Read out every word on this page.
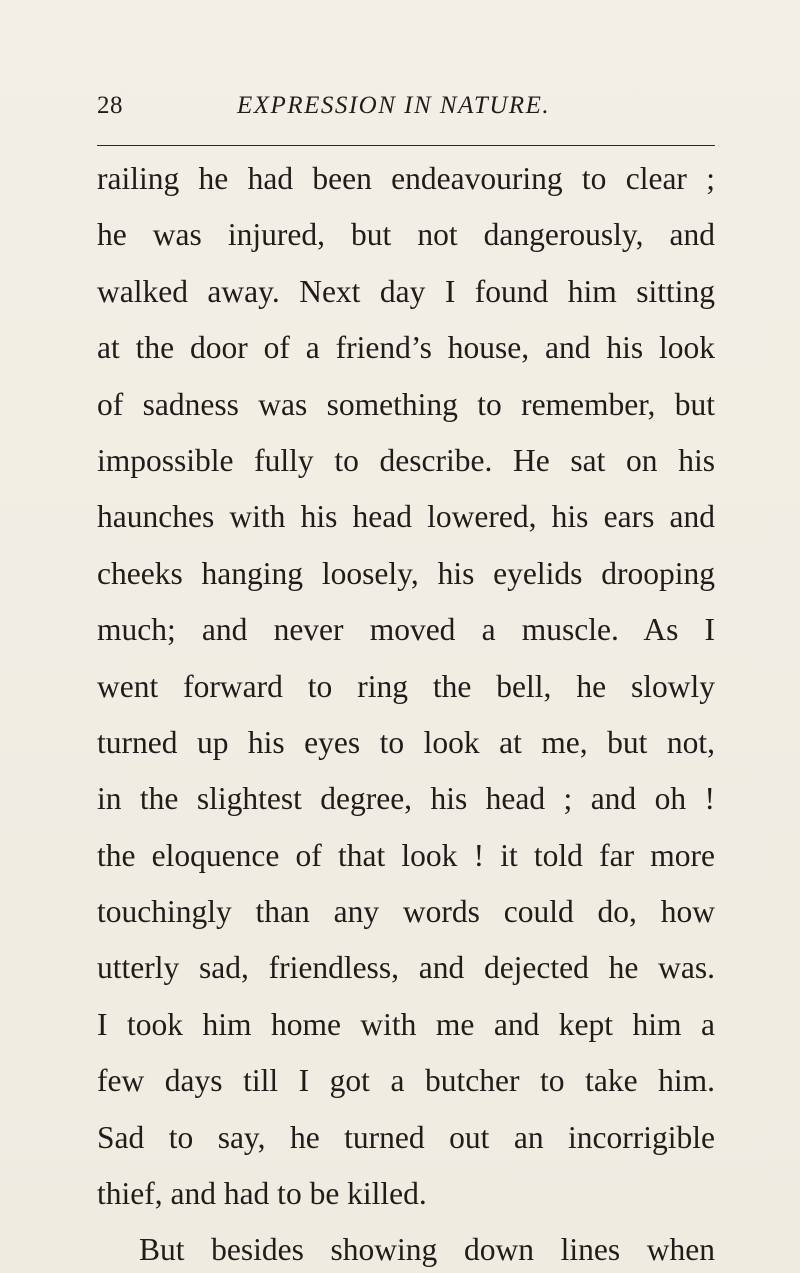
28	EXPRESSION IN NATURE.
railing he had been endeavouring to clear ;
he was injured, but not dangerously, and
walked away. Next day I found him sitting
at the door of a friend’s house, and his look
of sadness was something to remember, but
impossible fully to describe. He sat on his
haunches with his head lowered, his ears and
cheeks hanging loosely, his eyelids drooping
much; and never moved a muscle. As I
went forward to ring the bell, he slowly
turned up his eyes to look at me, but not,
in the slightest degree, his head ; and oh !
the eloquence of that look ! it told far more
touchingly than any words could do, how
utterly sad, friendless, and dejected he was.
I took him home with me and kept him a
few days till I got a butcher to take him.
Sad to say, he turned out an incorrigible
thief, and had to be killed.
But besides showing down lines when
